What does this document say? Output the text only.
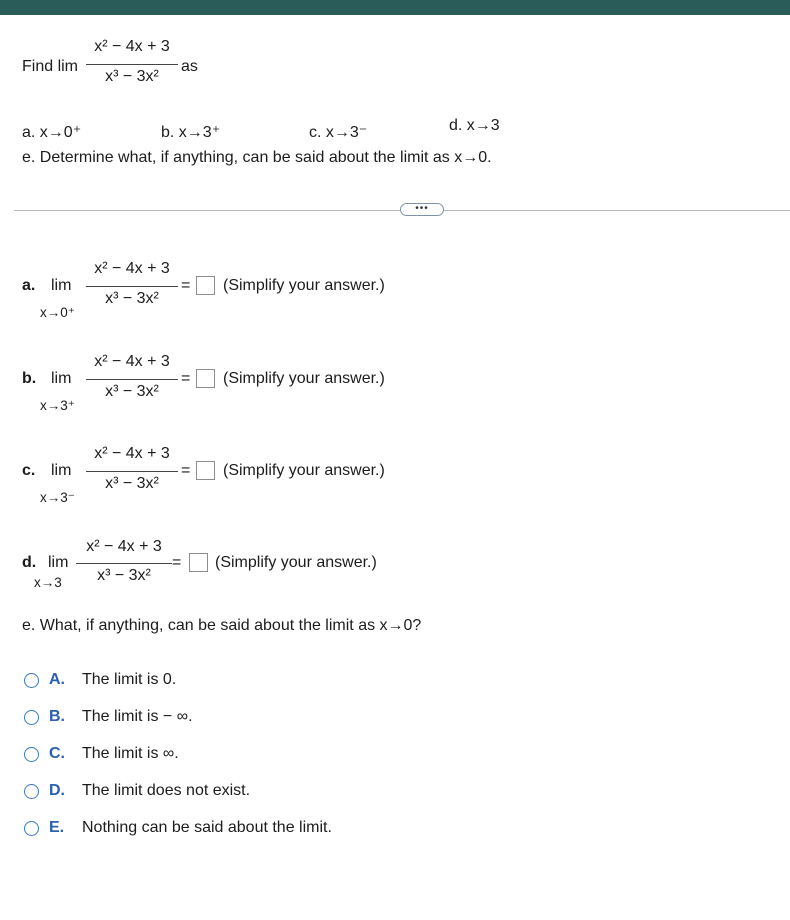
Find lim
x² − 4x + 3
x³ − 3x²
as
a. x→0⁺	b. x→3⁺	c. x→3⁻	d. x→3
e. Determine what, if anything, can be said about the limit as x→0.
•••
a. lim
x→0⁺
x² − 4x + 3
x³ − 3x²
= (Simplify your answer.)
b. lim
x→3⁺
x² − 4x + 3
x³ − 3x²
= (Simplify your answer.)
c. lim
x→3⁻
x² − 4x + 3
x³ − 3x²
= (Simplify your answer.)
d. lim
x→3
x² − 4x + 3
x³ − 3x²
= (Simplify your answer.)
e. What, if anything, can be said about the limit as x→0?
A. The limit is 0.
B. The limit is − ∞.
C. The limit is ∞.
D. The limit does not exist.
E. Nothing can be said about the limit.
